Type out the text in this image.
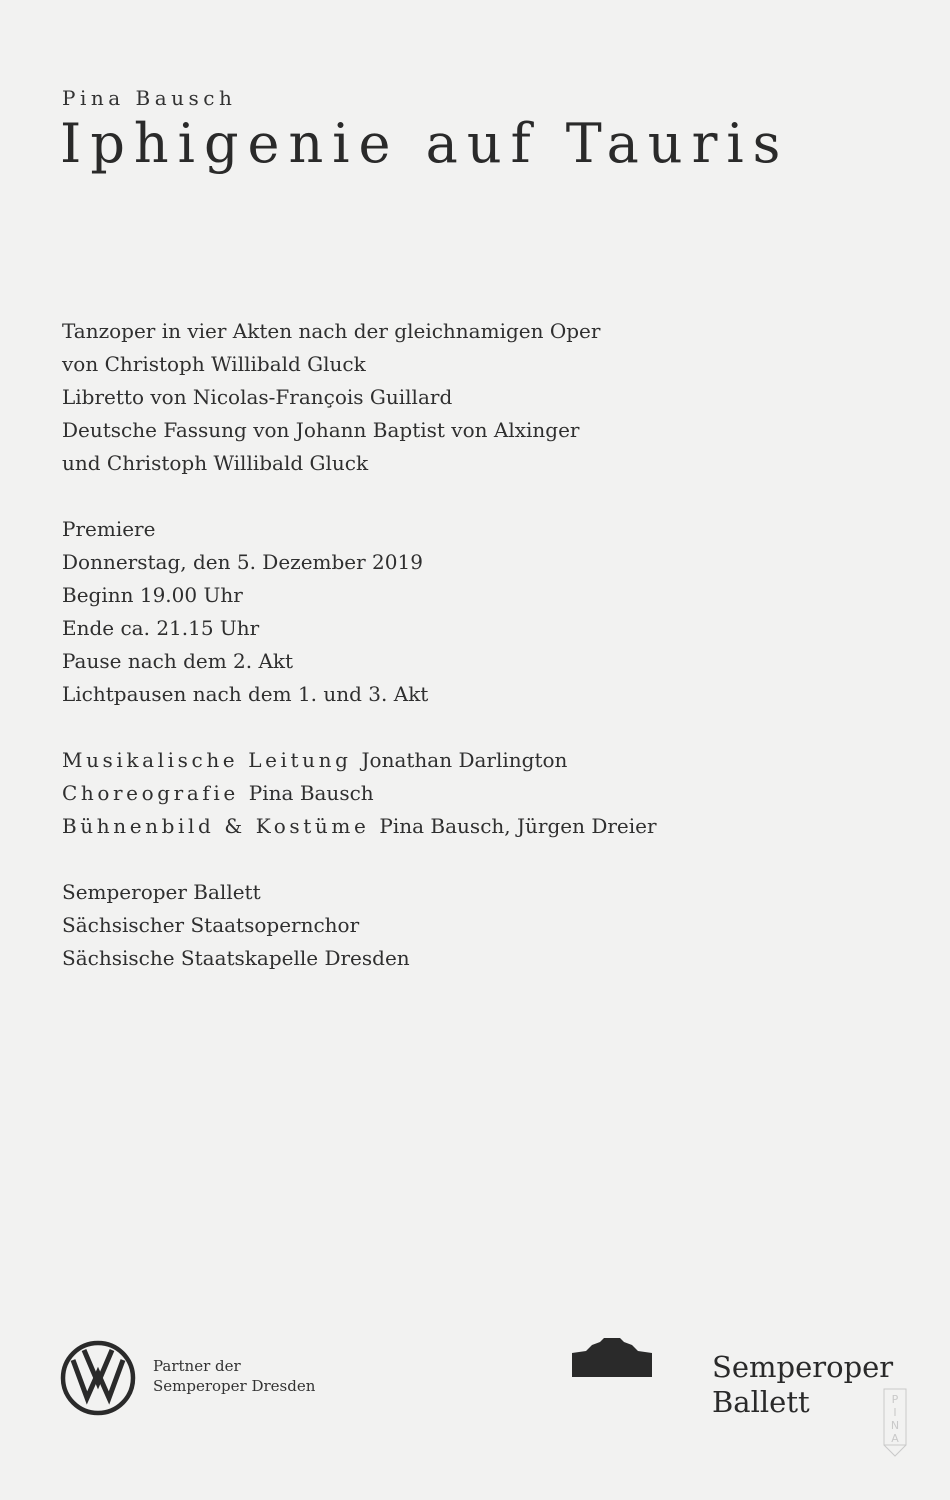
Pina Bausch
Iphigenie auf Tauris
Tanzoper in vier Akten nach der gleichnamigen Oper
von Christoph Willibald Gluck
Libretto von Nicolas-François Guillard
Deutsche Fassung von Johann Baptist von Alxinger
und Christoph Willibald Gluck
Premiere
Donnerstag, den 5. Dezember 2019
Beginn 19.00 Uhr
Ende ca. 21.15 Uhr
Pause nach dem 2. Akt
Lichtpausen nach dem 1. und 3. Akt
Musikalische Leitung Jonathan Darlington
Choreografie Pina Bausch
Bühnenbild & Kostüme Pina Bausch, Jürgen Dreier
Semperoper Ballett
Sächsischer Staatsopernchor
Sächsische Staatskapelle Dresden
Partner der
Semperoper Dresden
Semperoper
Ballett	P
I
N
A
